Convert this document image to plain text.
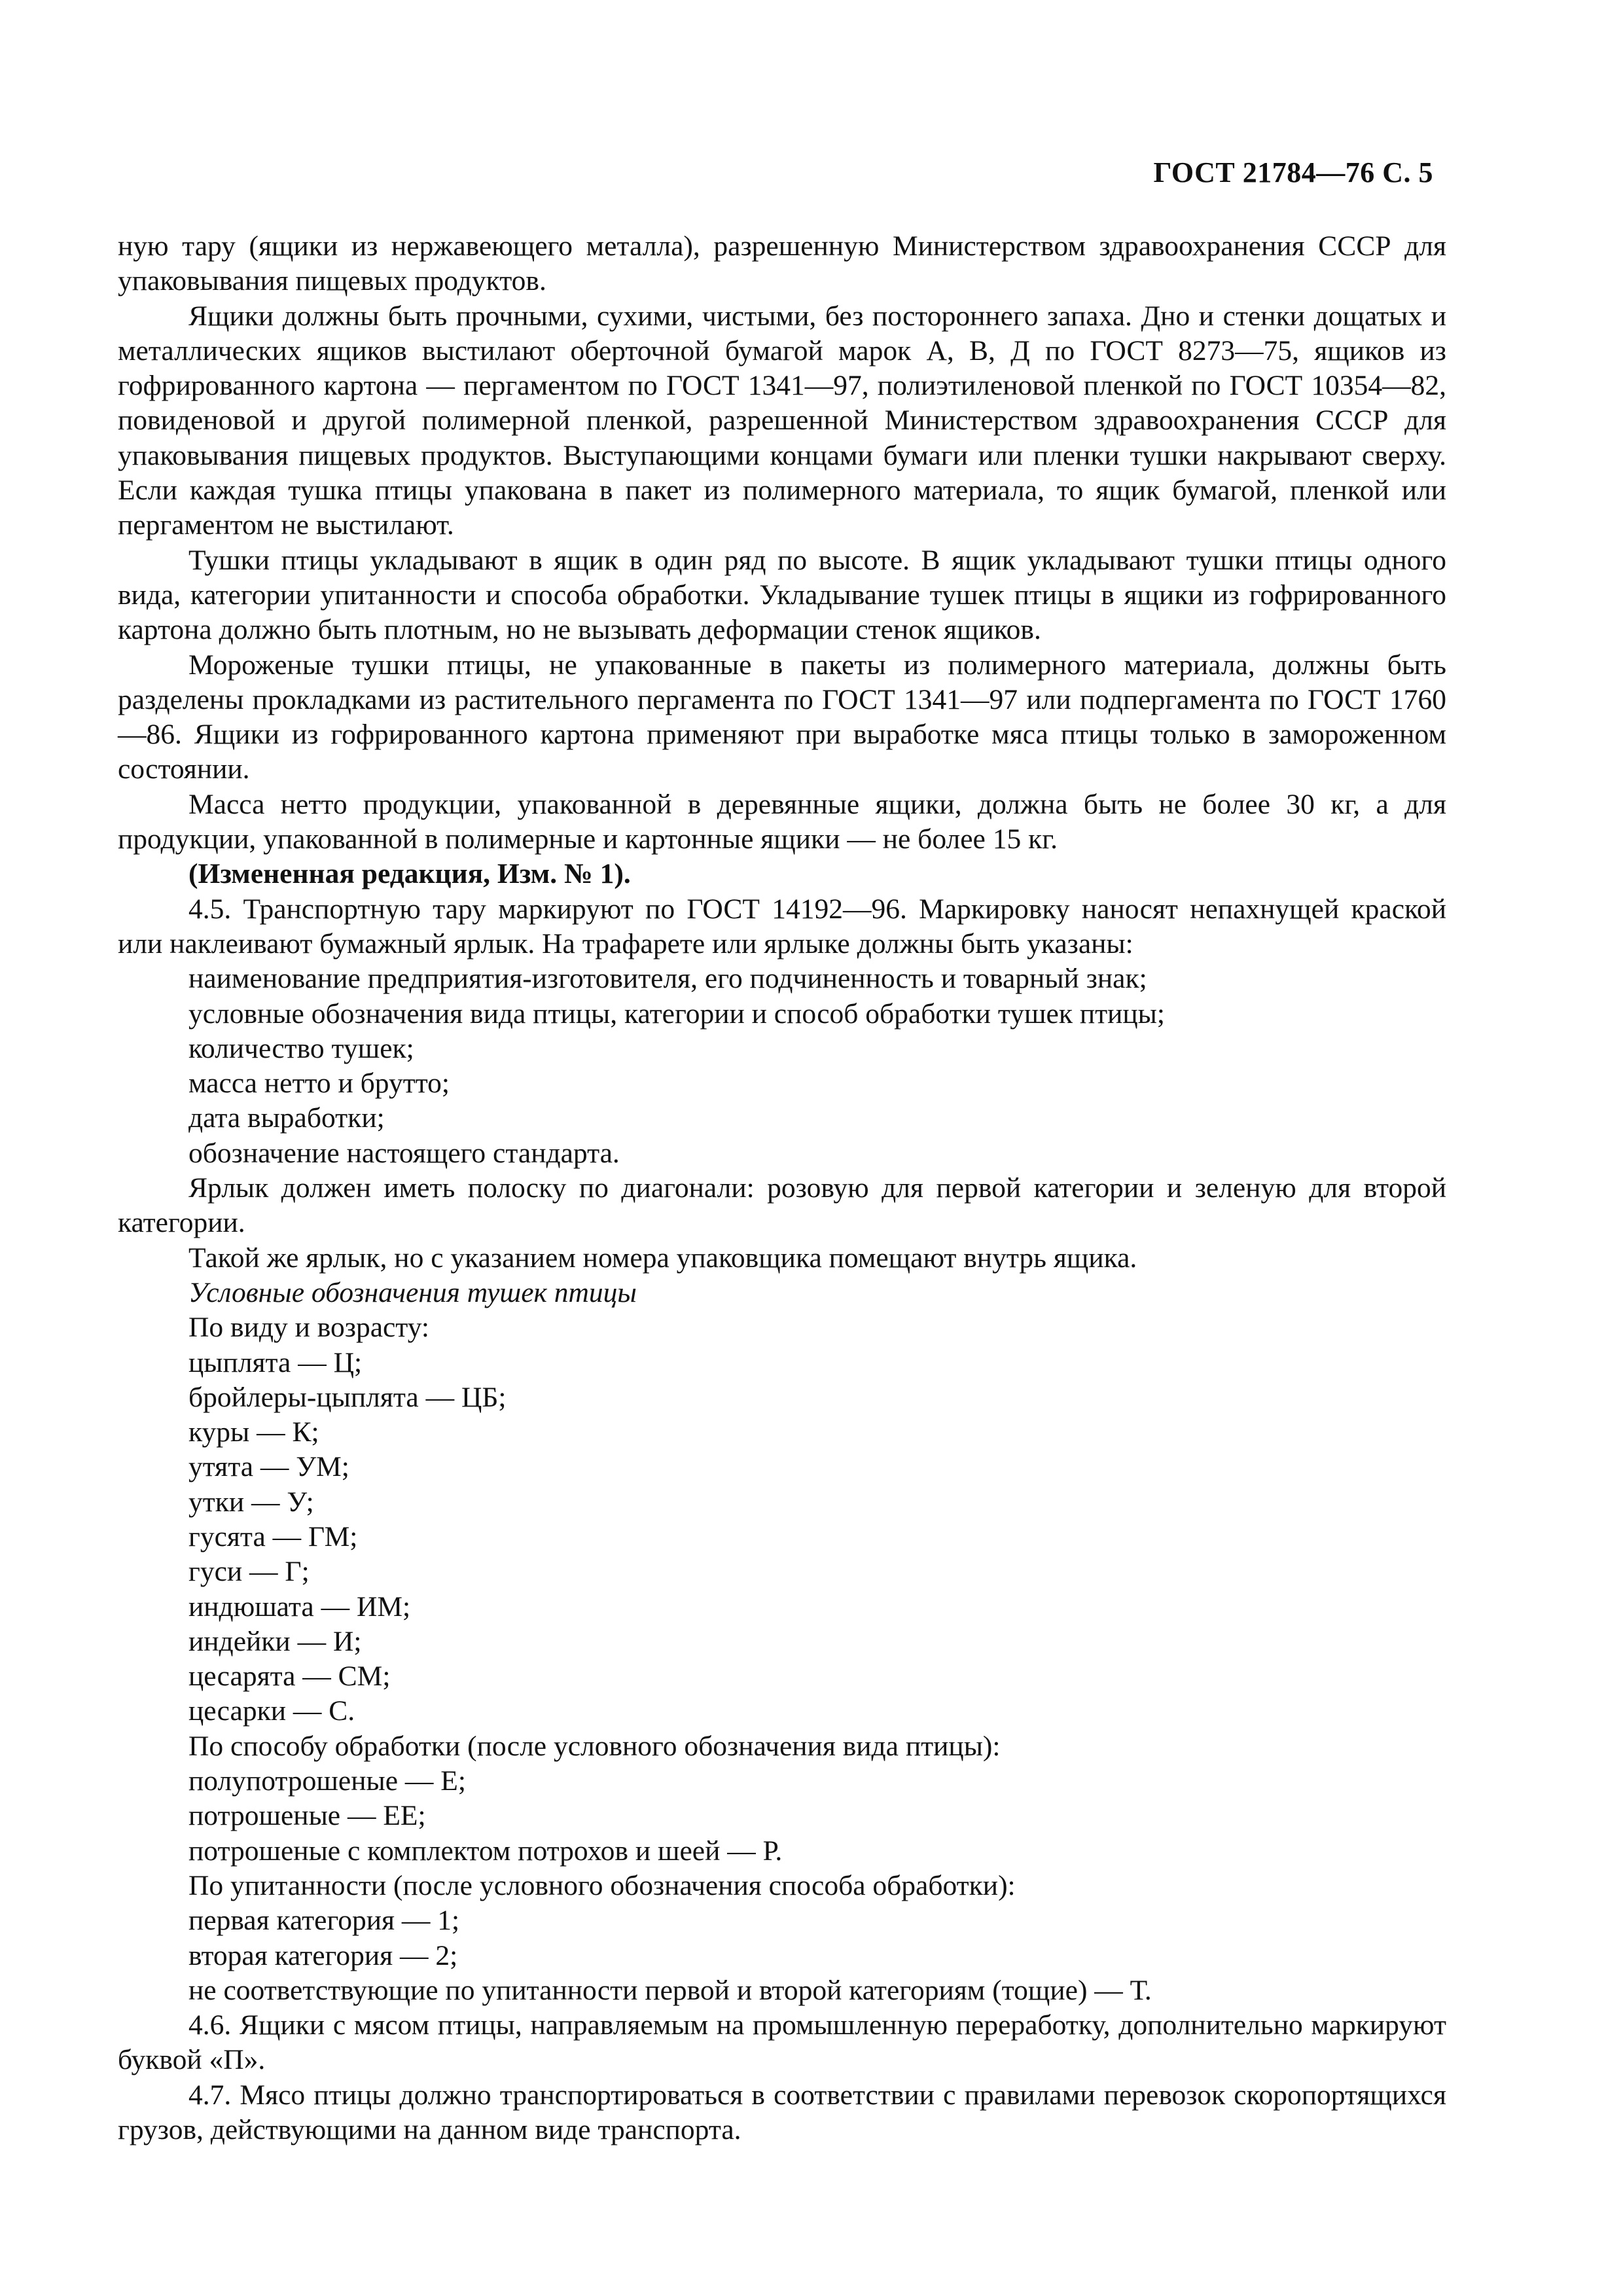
ГОСТ 21784—76 С. 5

ную тару (ящики из нержавеющего металла), разрешенную Министерством здравоохранения СССР для упаковывания пищевых продуктов.

Ящики должны быть прочными, сухими, чистыми, без постороннего запаха. Дно и стенки дощатых и металлических ящиков выстилают оберточной бумагой марок А, В, Д по ГОСТ 8273—75, ящиков из гофрированного картона — пергаментом по ГОСТ 1341—97, полиэтиленовой пленкой по ГОСТ 10354—82, повиденовой и другой полимерной пленкой, разрешенной Министерством здравоохранения СССР для упаковывания пищевых продуктов. Выступающими концами бумаги или пленки тушки накрывают сверху. Если каждая тушка птицы упакована в пакет из полимерного материала, то ящик бумагой, пленкой или пергаментом не выстилают.

Тушки птицы укладывают в ящик в один ряд по высоте. В ящик укладывают тушки птицы одного вида, категории упитанности и способа обработки. Укладывание тушек птицы в ящики из гофрированного картона должно быть плотным, но не вызывать деформации стенок ящиков.

Мороженые тушки птицы, не упакованные в пакеты из полимерного материала, должны быть разделены прокладками из растительного пергамента по ГОСТ 1341—97 или подпергамента по ГОСТ 1760—86. Ящики из гофрированного картона применяют при выработке мяса птицы только в замороженном состоянии.

Масса нетто продукции, упакованной в деревянные ящики, должна быть не более 30 кг, а для продукции, упакованной в полимерные и картонные ящики — не более 15 кг.

(Измененная редакция, Изм. № 1).

4.5. Транспортную тару маркируют по ГОСТ 14192—96. Маркировку наносят непахнущей краской или наклеивают бумажный ярлык. На трафарете или ярлыке должны быть указаны:

наименование предприятия-изготовителя, его подчиненность и товарный знак;

условные обозначения вида птицы, категории и способ обработки тушек птицы;

количество тушек;

масса нетто и брутто;

дата выработки;

обозначение настоящего стандарта.

Ярлык должен иметь полоску по диагонали: розовую для первой категории и зеленую для второй категории.

Такой же ярлык, но с указанием номера упаковщика помещают внутрь ящика.

Условные обозначения тушек птицы

По виду и возрасту:

цыплята — Ц;

бройлеры-цыплята — ЦБ;

куры — К;

утята — УМ;

утки — У;

гусята — ГМ;

гуси — Г;

индюшата — ИМ;

индейки — И;

цесарята — СМ;

цесарки — С.

По способу обработки (после условного обозначения вида птицы):

полупотрошеные — Е;

потрошеные — ЕЕ;

потрошеные с комплектом потрохов и шеей — Р.

По упитанности (после условного обозначения способа обработки):

первая категория — 1;

вторая категория — 2;

не соответствующие по упитанности первой и второй категориям (тощие) — Т.

4.6. Ящики с мясом птицы, направляемым на промышленную переработку, дополнительно маркируют буквой «П».

4.7. Мясо птицы должно транспортироваться в соответствии с правилами перевозок скоропортящихся грузов, действующими на данном виде транспорта.
